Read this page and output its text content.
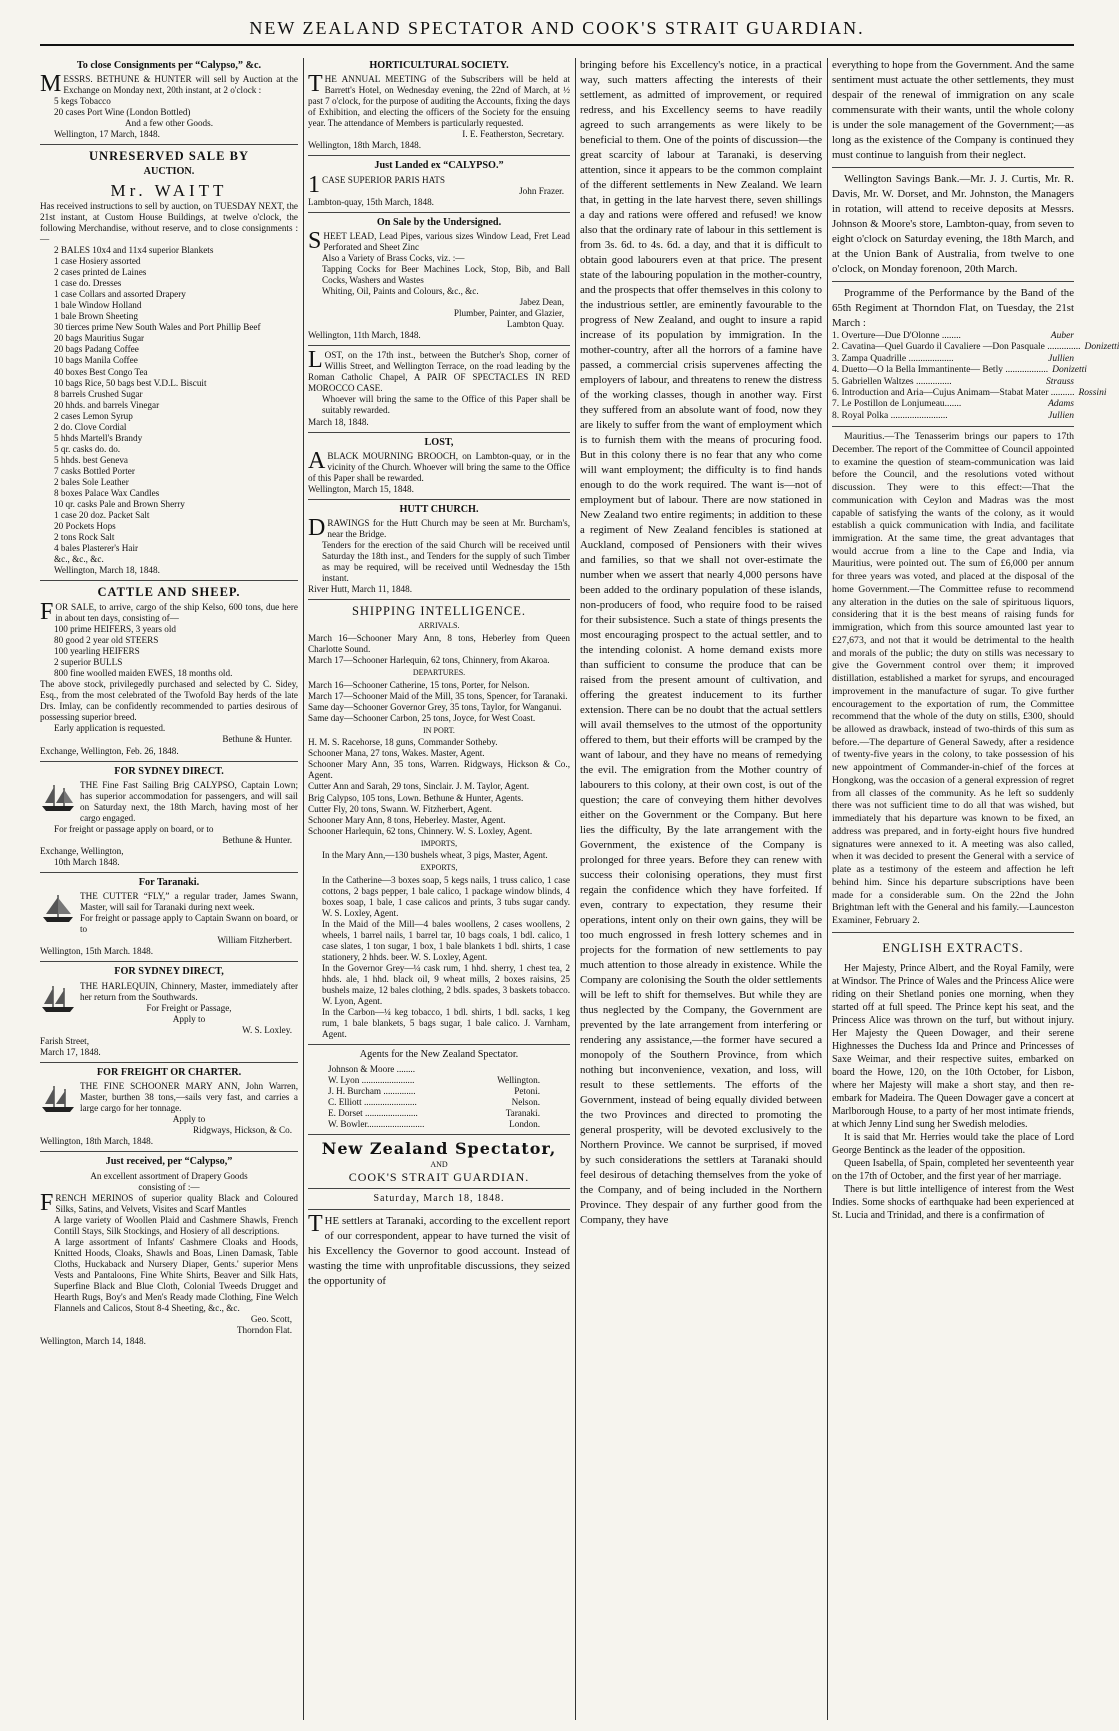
NEW ZEALAND SPECTATOR AND COOK'S STRAIT GUARDIAN.
To close Consignments per “Calypso,” &c.

MESSRS. BETHUNE & HUNTER will sell by Auction at the Exchange on Monday next, 20th instant, at 2 o'clock :

5 kegs Tobacco

20 cases Port Wine (London Bottled)

And a few other Goods.

Wellington, 17 March, 1848.

UNRESERVED SALE BY
AUCTION.
Mr. WAITT

Has received instructions to sell by auction, on TUESDAY NEXT, the 21st instant, at Custom House Buildings, at twelve o'clock, the following Merchandise, without reserve, and to close consignments :—

2 BALES 10x4 and 11x4 superior Blankets

1 case Hosiery assorted

2 cases printed de Laines

1 case do. Dresses

1 case Collars and assorted Drapery

1 bale Window Holland

1 bale Brown Sheeting

30 tierces prime New South Wales and Port Phillip Beef

20 bags Mauritius Sugar

20 bags Padang Coffee

10 bags Manila Coffee

40 boxes Best Congo Tea

10 bags Rice, 50 bags best V.D.L. Biscuit

8 barrels Crushed Sugar

20 hhds. and barrels Vinegar

2 cases Lemon Syrup

2 do. Clove Cordial

5 hhds Martell's Brandy

5 qr. casks do. do.

5 hhds. best Geneva

7 casks Bottled Porter

2 bales Sole Leather

8 boxes Palace Wax Candles

10 qr. casks Pale and Brown Sherry

1 case 20 doz. Packet Salt

20 Pockets Hops

2 tons Rock Salt

4 bales Plasterer's Hair

&c., &c., &c.

Wellington, March 18, 1848.

CATTLE AND SHEEP.

FOR SALE, to arrive, cargo of the ship Kelso, 600 tons, due here in about ten days, consisting of—

100 prime HEIFERS, 3 years old

80 good 2 year old STEERS

100 yearling HEIFERS

2 superior BULLS

800 fine woolled maiden EWES, 18 months old.

The above stock, privilegedly purchased and selected by C. Sidey, Esq., from the most celebrated of the Twofold Bay herds of the late Drs. Imlay, can be confidently recommended to parties desirous of possessing superior breed.

Early application is requested.

Bethune & Hunter.

Exchange, Wellington, Feb. 26, 1848.

FOR SYDNEY DIRECT.

THE Fine Fast Sailing Brig CALYPSO, Captain Lown; has superior accommodation for passengers, and will sail on Saturday next, the 18th March, having most of her cargo engaged.

For freight or passage apply on board, or to

Bethune & Hunter.

Exchange, Wellington,

10th March 1848.

For Taranaki.

THE CUTTER “FLY,” a regular trader, James Swann, Master, will sail for Taranaki during next week.

For freight or passage apply to Captain Swann on board, or to

William Fitzherbert.

Wellington, 15th March. 1848.

FOR SYDNEY DIRECT,

THE HARLEQUIN, Chinnery, Master, immediately after her return from the Southwards.

For Freight or Passage,

Apply to

W. S. Loxley.

Farish Street,

March 17, 1848.

FOR FREIGHT OR CHARTER.

THE FINE SCHOONER MARY ANN, John Warren, Master, burthen 38 tons,—sails very fast, and carries a large cargo for her tonnage.

Apply to

Ridgways, Hickson, & Co.

Wellington, 18th March, 1848.

Just received, per “Calypso,”

An excellent assortment of Drapery Goods

consisting of :—

FRENCH MERINOS of superior quality Black and Coloured Silks, Satins, and Velvets, Visites and Scarf Mantles

A large variety of Woollen Plaid and Cashmere Shawls, French Contill Stays, Silk Stockings, and Hosiery of all descriptions.

A large assortment of Infants' Cashmere Cloaks and Hoods, Knitted Hoods, Cloaks, Shawls and Boas, Linen Damask, Table Cloths, Huckaback and Nursery Diaper, Gents.' superior Mens Vests and Pantaloons, Fine White Shirts, Beaver and Silk Hats, Superfine Black and Blue Cloth, Colonial Tweeds Drugget and Hearth Rugs, Boy's and Men's Ready made Clothing, Fine Welch Flannels and Calicos, Stout 8-4 Sheeting, &c., &c.

Geo. Scott,

Thorndon Flat.

Wellington, March 14, 1848.

HORTICULTURAL SOCIETY.

THE ANNUAL MEETING of the Subscribers will be held at Barrett's Hotel, on Wednesday evening, the 22nd of March, at ½ past 7 o'clock, for the purpose of auditing the Accounts, fixing the days of Exhibition, and electing the officers of the Society for the ensuing year. The attendance of Members is particularly requested.

I. E. Featherston, Secretary.

Wellington, 18th March, 1848.

Just Landed ex “CALYPSO.”

1CASE SUPERIOR PARIS HATS

John Frazer.

Lambton-quay, 15th March, 1848.

On Sale by the Undersigned.

SHEET LEAD, Lead Pipes, various sizes Window Lead, Fret Lead Perforated and Sheet Zinc

Also a Variety of Brass Cocks, viz. :—

Tapping Cocks for Beer Machines Lock, Stop, Bib, and Ball Cocks, Washers and Wastes

Whiting, Oil, Paints and Colours, &c., &c.

Jabez Dean,

Plumber, Painter, and Glazier,

Lambton Quay.

Wellington, 11th March, 1848.

LOST, on the 17th inst., between the Butcher's Shop, corner of Willis Street, and Wellington Terrace, on the road leading by the Roman Catholic Chapel, A PAIR OF SPECTACLES IN RED MOROCCO CASE.

Whoever will bring the same to the Office of this Paper shall be suitably rewarded.

March 18, 1848.

LOST,

ABLACK MOURNING BROOCH, on Lambton-quay, or in the vicinity of the Church. Whoever will bring the same to the Office of this Paper shall be rewarded.

Wellington, March 15, 1848.

HUTT CHURCH.

DRAWINGS for the Hutt Church may be seen at Mr. Burcham's, near the Bridge.

Tenders for the erection of the said Church will be received until Saturday the 18th inst., and Tenders for the supply of such Timber as may be required, will be received until Wednesday the 15th instant.

River Hutt, March 11, 1848.

SHIPPING INTELLIGENCE.
ARRIVALS.

March 16—Schooner Mary Ann, 8 tons, Heberley from Queen Charlotte Sound.

March 17—Schooner Harlequin, 62 tons, Chinnery, from Akaroa.

DEPARTURES.

March 16—Schooner Catherine, 15 tons, Porter, for Nelson.

March 17—Schooner Maid of the Mill, 35 tons, Spencer, for Taranaki.

Same day—Schooner Governor Grey, 35 tons, Taylor, for Wanganui.

Same day—Schooner Carbon, 25 tons, Joyce, for West Coast.

IN PORT.

H. M. S. Racehorse, 18 guns, Commander Sotheby.

Schooner Mana, 27 tons, Wakes. Master, Agent.

Schooner Mary Ann, 35 tons, Warren. Ridgways, Hickson & Co., Agent.

Cutter Ann and Sarah, 29 tons, Sinclair. J. M. Taylor, Agent.

Brig Calypso, 105 tons, Lown. Bethune & Hunter, Agents.

Cutter Fly, 20 tons, Swann. W. Fitzherbert, Agent.

Schooner Mary Ann, 8 tons, Heberley. Master, Agent.

Schooner Harlequin, 62 tons, Chinnery. W. S. Loxley, Agent.

IMPORTS,

In the Mary Ann,—130 bushels wheat, 3 pigs, Master, Agent.

EXPORTS,

In the Catherine—3 boxes soap, 5 kegs nails, 1 truss calico, 1 case cottons, 2 bags pepper, 1 bale calico, 1 package window blinds, 4 boxes soap, 1 bale, 1 case calicos and prints, 3 tubs sugar candy. W. S. Loxley, Agent.

In the Maid of the Mill—4 bales woollens, 2 cases woollens, 2 wheels, 1 barrel nails, 1 barrel tar, 10 bags coals, 1 bdl. calico, 1 case slates, 1 ton sugar, 1 box, 1 bale blankets 1 bdl. shirts, 1 case stationery, 2 hhds. beer. W. S. Loxley, Agent.

In the Governor Grey—¼ cask rum, 1 hhd. sherry, 1 chest tea, 2 hhds. ale, 1 hhd. black oil, 9 wheat mills, 2 boxes raisins, 25 bushels maize, 12 bales clothing, 2 bdls. spades, 3 baskets tobacco. W. Lyon, Agent.

In the Carbon—¼ keg tobacco, 1 bdl. shirts, 1 bdl. sacks, 1 keg rum, 1 bale blankets, 5 bags sugar, 1 bale calico. J. Varnham, Agent.

Agents for the New Zealand Spectator.
Johnson & Moore ........
W. Lyon .......................	Wellington.
J. H. Burcham ..............	Petoni.
C. Elliott .......................	Nelson.
E. Dorset .......................	Taranaki.
W. Bowler.........................	London.
New Zealand Spectator,
AND
COOK'S STRAIT GUARDIAN.
Saturday, March 18, 1848.

THE settlers at Taranaki, according to the excellent report of our correspondent, appear to have turned the visit of his Excellency the Governor to good account. Instead of wasting the time with unprofitable discussions, they seized the opportunity of

bringing before his Excellency's notice, in a practical way, such matters affecting the interests of their settlement, as admitted of improvement, or required redress, and his Excellency seems to have readily agreed to such arrangements as were likely to be beneficial to them. One of the points of discussion—the great scarcity of labour at Taranaki, is deserving attention, since it appears to be the common complaint of the different settlements in New Zealand. We learn that, in getting in the late harvest there, seven shillings a day and rations were offered and refused! we know also that the ordinary rate of labour in this settlement is from 3s. 6d. to 4s. 6d. a day, and that it is difficult to obtain good labourers even at that price. The present state of the labouring population in the mother-country, and the prospects that offer themselves in this colony to the industrious settler, are eminently favourable to the progress of New Zealand, and ought to insure a rapid increase of its population by immigration. In the mother-country, after all the horrors of a famine have passed, a commercial crisis supervenes affecting the employers of labour, and threatens to renew the distress of the working classes, though in another way. First they suffered from an absolute want of food, now they are likely to suffer from the want of employment which is to furnish them with the means of procuring food. But in this colony there is no fear that any who come will want employment; the difficulty is to find hands enough to do the work required. The want is—not of employment but of labour. There are now stationed in New Zealand two entire regiments; in addition to these a regiment of New Zealand fencibles is stationed at Auckland, composed of Pensioners with their wives and families, so that we shall not over-estimate the number when we assert that nearly 4,000 persons have been added to the ordinary population of these islands, non-producers of food, who require food to be raised for their subsistence. Such a state of things presents the most encouraging prospect to the actual settler, and to the intending colonist. A home demand exists more than sufficient to consume the produce that can be raised from the present amount of cultivation, and offering the greatest inducement to its further extension. There can be no doubt that the actual settlers will avail themselves to the utmost of the opportunity offered to them, but their efforts will be cramped by the want of labour, and they have no means of remedying the evil. The emigration from the Mother country of labourers to this colony, at their own cost, is out of the question; the care of conveying them hither devolves either on the Government or the Company. But here lies the difficulty, By the late arrangement with the Government, the existence of the Company is prolonged for three years. Before they can renew with success their colonising operations, they must first regain the confidence which they have forfeited. If even, contrary to expectation, they resume their operations, intent only on their own gains, they will be too much engrossed in fresh lottery schemes and in projects for the formation of new settlements to pay much attention to those already in existence. While the Company are colonising the South the older settlements will be left to shift for themselves. But while they are thus neglected by the Company, the Government are prevented by the late arrangement from interfering or rendering any assistance,—the former have secured a monopoly of the Southern Province, from which nothing but inconvenience, vexation, and loss, will result to these settlements. The efforts of the Government, instead of being equally divided between the two Provinces and directed to promoting the general prosperity, will be devoted exclusively to the Northern Province. We cannot be surprised, if moved by such considerations the settlers at Taranaki should feel desirous of detaching themselves from the yoke of the Company, and of being included in the Northern Province. They despair of any further good from the Company, they have

everything to hope from the Government. And the same sentiment must actuate the other settlements, they must despair of the renewal of immigration on any scale commensurate with their wants, until the whole colony is under the sole management of the Government;—as long as the existence of the Company is continued they must continue to languish from their neglect.

Wellington Savings Bank.—Mr. J. J. Curtis, Mr. R. Davis, Mr. W. Dorset, and Mr. Johnston, the Managers in rotation, will attend to receive deposits at Messrs. Johnson & Moore's store, Lambton-quay, from seven to eight o'clock on Saturday evening, the 18th March, and at the Union Bank of Australia, from twelve to one o'clock, on Monday forenoon, 20th March.

Programme of the Performance by the Band of the 65th Regiment at Thorndon Flat, on Tuesday, the 21st March :

1. Overture—Due D'Olonne ........	Auber
2. Cavatina—Quel Guardo il Cavaliere —Don Pasquale .............. Donizetti
3. Zampa Quadrille ...................	Jullien
4. Duetto—O la Bella Immantinente— Betly .................. Donizetti
5. Gabriellen Waltzes ...............	Strauss
6. Introduction and Aria—Cujus Animam—Stabat Mater .......... Rossini
7. Le Postillon de Lonjumeau.......	Adams
8. Royal Polka ........................	Jullien

Mauritius.—The Tenasserim brings our papers to 17th December. The report of the Committee of Council appointed to examine the question of steam-communication was laid before the Council, and the resolutions voted without discussion. They were to this effect:—That the communication with Ceylon and Madras was the most capable of satisfying the wants of the colony, as it would establish a quick communication with India, and facilitate immigration. At the same time, the great advantages that would accrue from a line to the Cape and India, via Mauritius, were pointed out. The sum of £6,000 per annum for three years was voted, and placed at the disposal of the home Government.—The Committee refuse to recommend any alteration in the duties on the sale of spirituous liquors, considering that it is the best means of raising funds for immigration, which from this source amounted last year to £27,673, and not that it would be detrimental to the health and morals of the public; the duty on stills was necessary to give the Government control over them; it improved distillation, established a market for syrups, and encouraged improvement in the manufacture of sugar. To give further encouragement to the exportation of rum, the Committee recommend that the whole of the duty on stills, £300, should be allowed as drawback, instead of two-thirds of this sum as before.—The departure of General Sawedy, after a residence of twenty-five years in the colony, to take possession of his new appointment of Commander-in-chief of the forces at Hongkong, was the occasion of a general expression of regret from all classes of the community. As he left so suddenly there was not sufficient time to do all that was wished, but immediately that his departure was known to be fixed, an address was prepared, and in forty-eight hours five hundred signatures were annexed to it. A meeting was also called, when it was decided to present the General with a service of plate as a testimony of the esteem and affection he left behind him. Since his departure subscriptions have been made for a considerable sum. On the 22nd the John Brightman left with the General and his family.—Launceston Examiner, February 2.

ENGLISH EXTRACTS.

Her Majesty, Prince Albert, and the Royal Family, were at Windsor. The Prince of Wales and the Princess Alice were riding on their Shetland ponies one morning, when they started off at full speed. The Prince kept his seat, and the Princess Alice was thrown on the turf, but without injury. Her Majesty the Queen Dowager, and their serene Highnesses the Duchess Ida and Prince and Princesses of Saxe Weimar, and their respective suites, embarked on board the Howe, 120, on the 10th October, for Lisbon, where her Majesty will make a short stay, and then re-embark for Madeira. The Queen Dowager gave a concert at Marlborough House, to a party of her most intimate friends, at which Jenny Lind sung her Swedish melodies.

It is said that Mr. Herries would take the place of Lord George Bentinck as the leader of the opposition.

Queen Isabella, of Spain, completed her seventeenth year on the 17th of October, and the first year of her marriage.

There is but little intelligence of interest from the West Indies. Some shocks of earthquake had been experienced at St. Lucia and Trinidad, and there is a confirmation of
